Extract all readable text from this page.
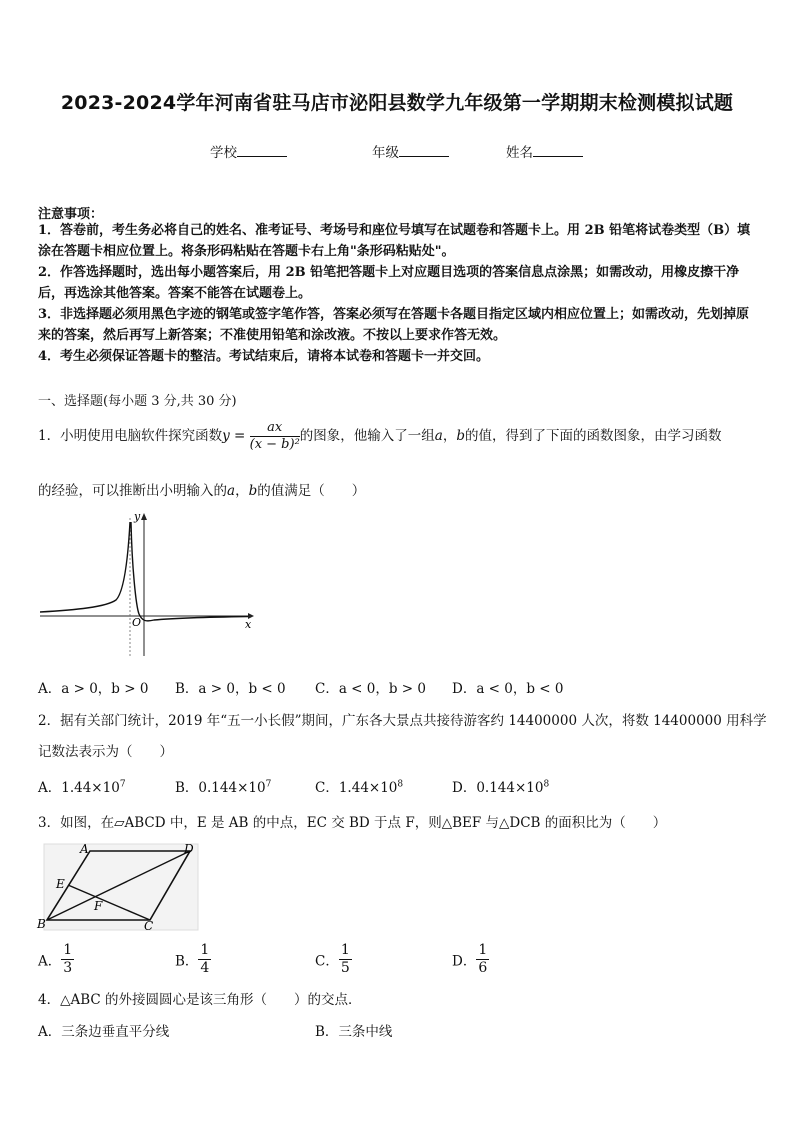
2023-2024学年河南省驻马店市泌阳县数学九年级第一学期期末检测模拟试题
学校	年级	姓名
注意事项：
1．答卷前，考生务必将自己的姓名、准考证号、考场号和座位号填写在试题卷和答题卡上。用 2B 铅笔将试卷类型（B）填涂在答题卡相应位置上。将条形码粘贴在答题卡右上角"条形码粘贴处"。
2．作答选择题时，选出每小题答案后，用 2B 铅笔把答题卡上对应题目选项的答案信息点涂黑；如需改动，用橡皮擦干净后，再选涂其他答案。答案不能答在试题卷上。
3．非选择题必须用黑色字迹的钢笔或签字笔作答，答案必须写在答题卡各题目指定区域内相应位置上；如需改动，先划掉原来的答案，然后再写上新答案；不准使用铅笔和涂改液。不按以上要求作答无效。
4．考生必须保证答题卡的整洁。考试结束后，请将本试卷和答题卡一并交回。
一、选择题(每小题 3 分,共 30 分)
1．小明使用电脑软件探究函数$y = \frac{ax}{\text{(x − b)²}}$ 的图象，他输入了一组a，b的值，得到了下面的函数图象，由学习函数
的经验，可以推断出小明输入的a，b的值满足（　　）
y
x
O
A．a > 0，b > 0 B．a > 0，b < 0 C．a < 0，b > 0 D．a < 0，b < 0
2．据有关部门统计，2019 年“五一小长假”期间，广东各大景点共接待游客约 14400000 人次，将数 14400000 用科学
记数法表示为（　　）
A．$1.44\times 10^7$	B．$0.144\times 10^7$	C．$1.44\times 10^8$	D．$0.144\times 10^8$
3．如图，在▱ABCD 中，E 是 AB 的中点，EC 交 BD 于点 F，则△BEF 与△DCB 的面积比为（　　）
A	D
B	C
E
F
A． $\frac{1}{3}$	B． $\frac{1}{4}$	C． $\frac{1}{5}$	D． $\frac{1}{6}$
4．△ABC 的外接圆圆心是该三角形（　　）的交点．
A．三条边垂直平分线	B．三条中线
